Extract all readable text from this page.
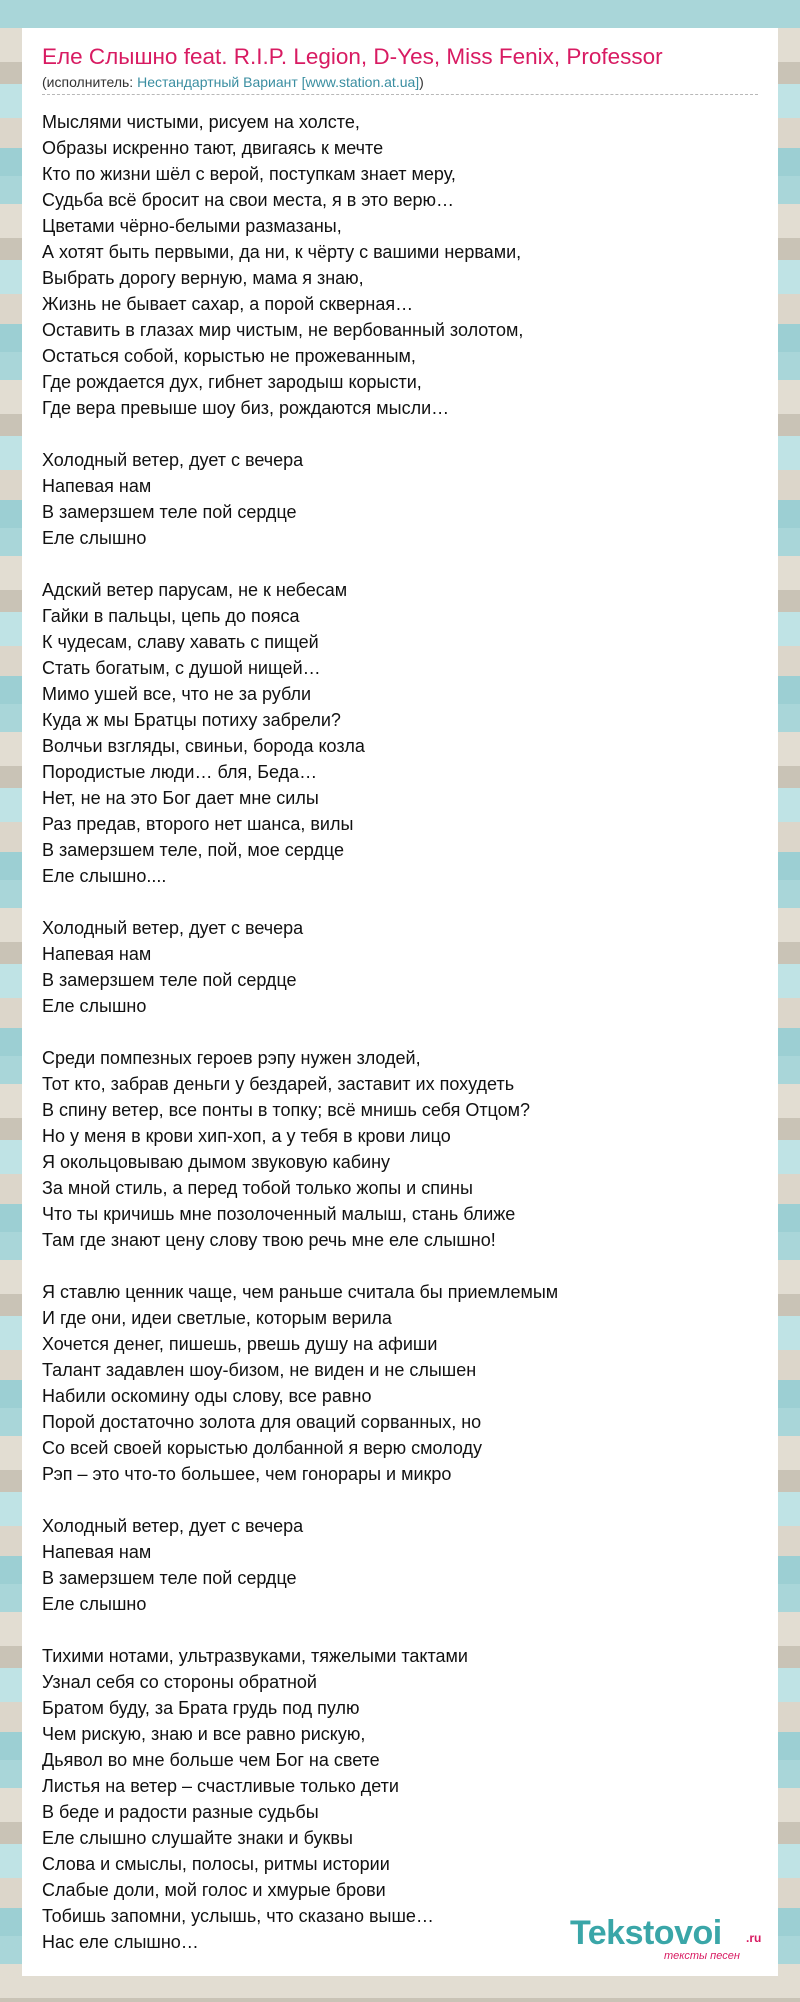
Еле Слышно feat. R.I.P. Legion, D-Yes, Miss Fenix, Professor
(исполнитель: Нестандартный Вариант [www.station.at.ua])
Мыслями чистыми, рисуем на холсте,
Образы искренно тают, двигаясь к мечте
Кто по жизни шёл с верой, поступкам знает меру,
Судьба всё бросит на свои места, я в это верю…
Цветами чёрно-белыми размазаны,
А хотят быть первыми, да ни, к чёрту с вашими нервами,
Выбрать дорогу верную, мама я знаю,
Жизнь не бывает сахар, а порой скверная…
Оставить в глазах мир чистым, не вербованный золотом,
Остаться собой, корыстью не прожеванным,
Где рождается дух, гибнет зародыш корысти,
Где вера превыше шоу биз, рождаются мысли…
Холодный ветер, дует с вечера
Напевая нам
В замерзшем теле пой сердце
Еле слышно
Адский ветер парусам, не к небесам
Гайки в пальцы, цепь до пояса
К чудесам, славу хавать с пищей
Стать богатым, с душой нищей…
Мимо ушей все, что не за рубли
Куда ж мы Братцы потиху забрели?
Волчьи взгляды, свиньи, борода козла
Породистые люди… бля, Беда…
Нет, не на это Бог дает мне силы
Раз предав, второго нет шанса, вилы
В замерзшем теле, пой, мое сердце
Еле слышно....
Холодный ветер, дует с вечера
Напевая нам
В замерзшем теле пой сердце
Еле слышно
Среди помпезных героев рэпу нужен злодей,
Тот кто, забрав деньги у бездарей, заставит их похудеть
В спину ветер, все понты в топку; всё мнишь себя Отцом?
Но у меня в крови хип-хоп, а у тебя в крови лицо
Я окольцовываю дымом звуковую кабину
За мной стиль, а перед тобой только жопы и спины
Что ты кричишь мне позолоченный малыш, стань ближе
Там где знают цену слову твою речь мне еле слышно!
Я ставлю ценник чаще, чем раньше считала бы приемлемым
И где они, идеи светлые, которым верила
Хочется денег, пишешь, рвешь душу на афиши
Талант задавлен шоу-бизом, не виден и не слышен
Набили оскомину оды слову, все равно
Порой достаточно золота для оваций сорванных, но
Со всей своей корыстью долбанной я верю смолоду
Рэп – это что-то большее, чем гонорары и микро
Холодный ветер, дует с вечера
Напевая нам
В замерзшем теле пой сердце
Еле слышно
Тихими нотами, ультразвуками, тяжелыми тактами
Узнал себя со стороны обратной
Братом буду, за Брата грудь под пулю
Чем рискую, знаю и все равно рискую,
Дьявол во мне больше чем Бог на свете
Листья на ветер – счастливые только дети
В беде и радости разные судьбы
Еле слышно слушайте знаки и буквы
Слова и смыслы, полосы, ритмы истории
Слабые доли, мой голос и хмурые брови
Тобишь запомни, услышь, что сказано выше…
Нас еле слышно…	Tekstovoi .ru
тексты песен
